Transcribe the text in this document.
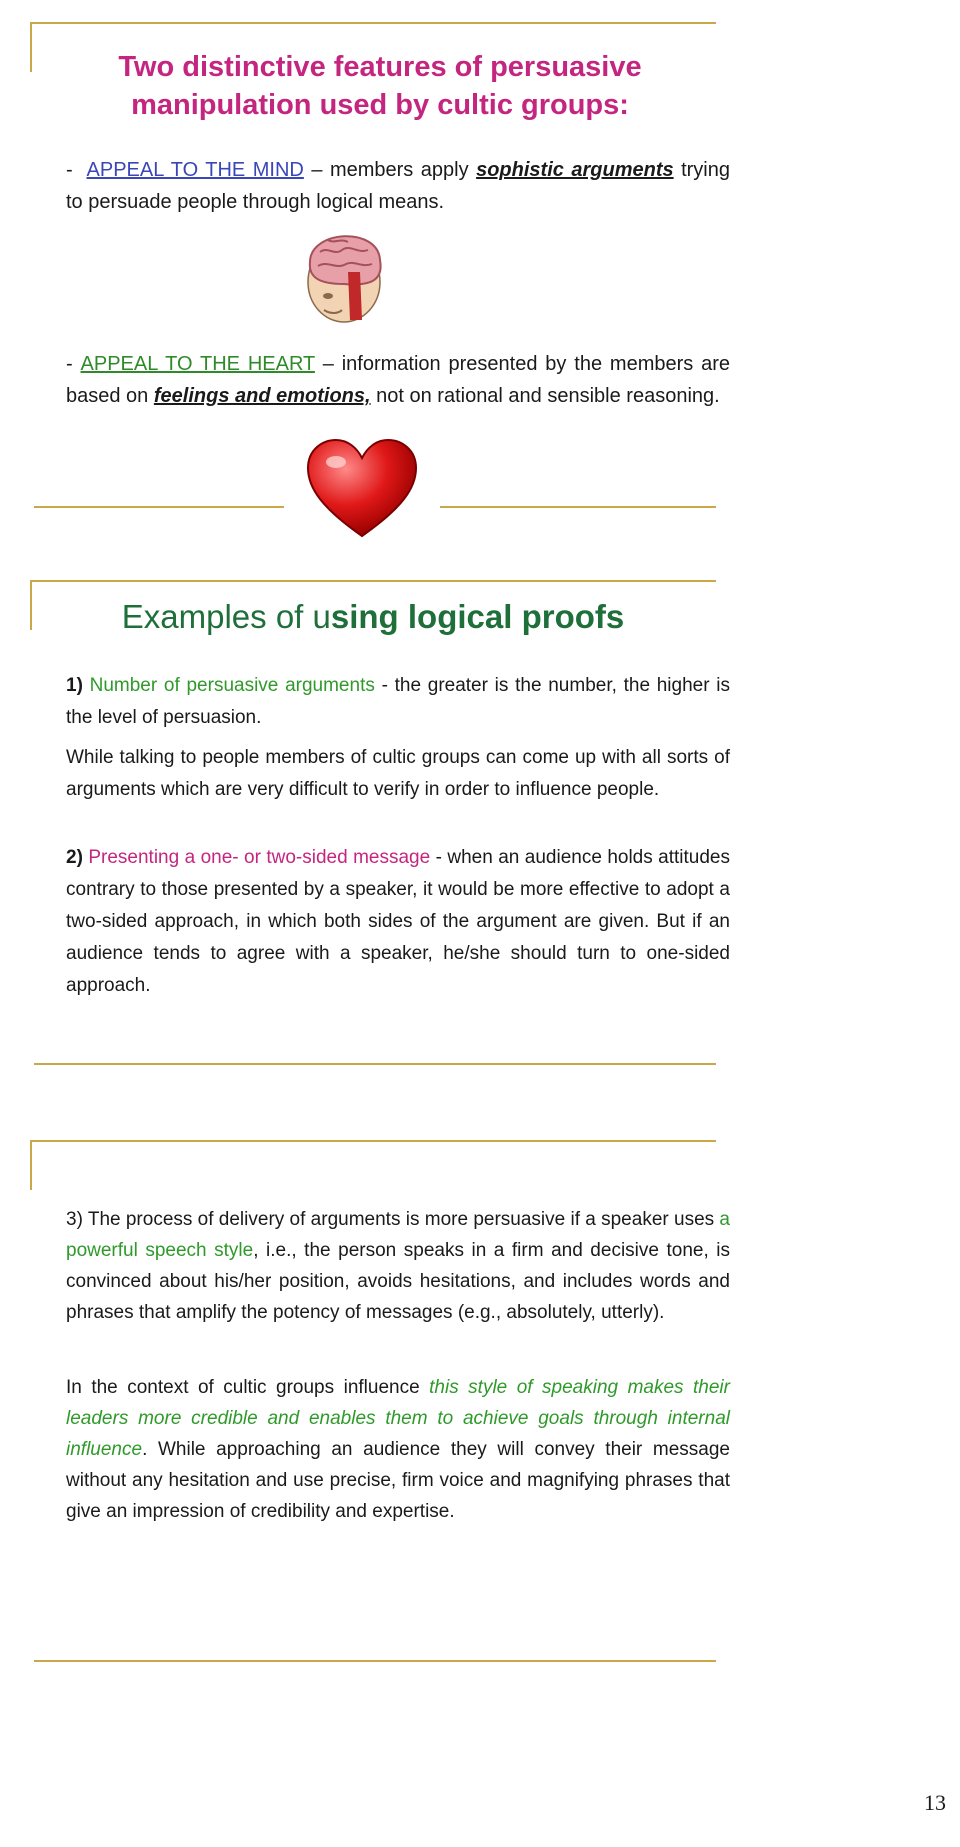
Two distinctive features of persuasive
manipulation used by cultic groups:
- APPEAL TO THE MIND – members apply sophistic arguments trying to persuade people through logical means.
- APPEAL TO THE HEART – information presented by the members are based on feelings and emotions, not on rational and sensible reasoning.
Examples of using logical proofs
1) Number of persuasive arguments - the greater is the number, the higher is the level of persuasion.
While talking to people members of cultic groups can come up with all sorts of arguments which are very difficult to verify in order to influence people.
2) Presenting a one- or two-sided message - when an audience holds attitudes contrary to those presented by a speaker, it would be more effective to adopt a two-sided approach, in which both sides of the argument are given. But if an audience tends to agree with a speaker, he/she should turn to one-sided approach.
3) The process of delivery of arguments is more persuasive if a speaker uses a powerful speech style, i.e., the person speaks in a firm and decisive tone, is convinced about his/her position, avoids hesitations, and includes words and phrases that amplify the potency of messages (e.g., absolutely, utterly).
In the context of cultic groups influence this style of speaking makes their leaders more credible and enables them to achieve goals through internal influence. While approaching an audience they will convey their message without any hesitation and use precise, firm voice and magnifying phrases that give an impression of credibility and expertise.
13
